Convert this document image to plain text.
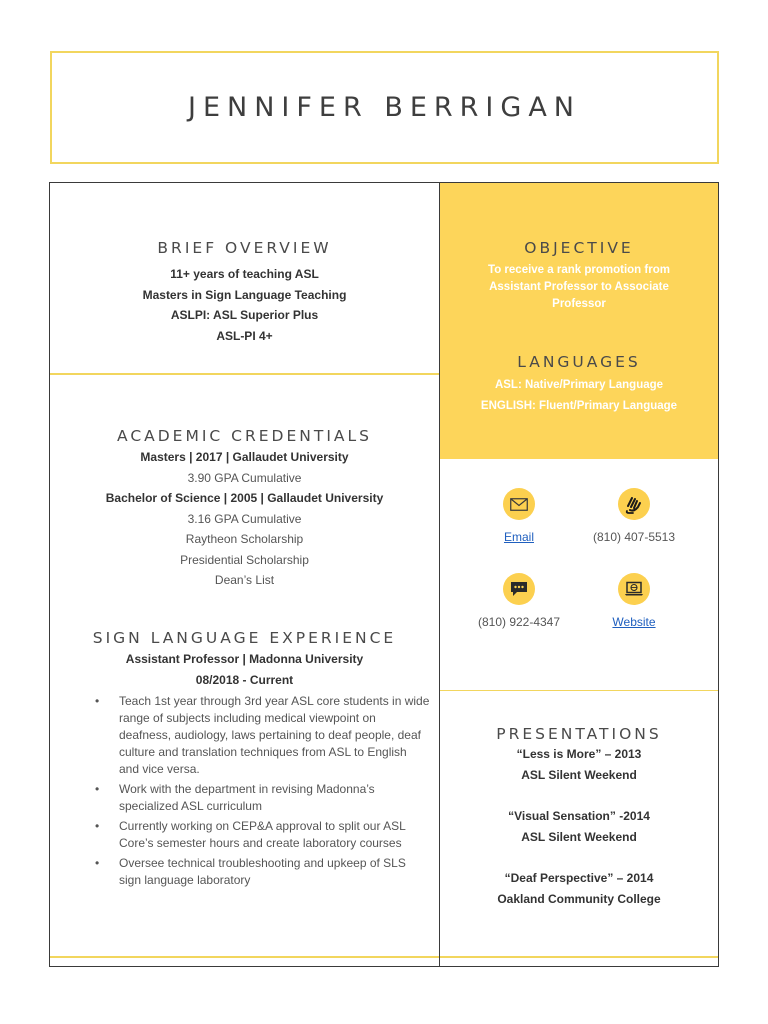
JENNIFER BERRIGAN
BRIEF OVERVIEW
11+ years of teaching ASL
Masters in Sign Language Teaching
ASLPI: ASL Superior Plus
ASL-PI 4+
ACADEMIC CREDENTIALS
Masters | 2017 | Gallaudet University
3.90 GPA Cumulative
Bachelor of Science | 2005 | Gallaudet University
3.16 GPA Cumulative
Raytheon Scholarship
Presidential Scholarship
Dean’s List
SIGN LANGUAGE EXPERIENCE
Assistant Professor | Madonna University
08/2018 - Current
• Teach 1st year through 3rd year ASL core students in wide range of subjects including medical viewpoint on deafness, audiology, laws pertaining to deaf people, deaf culture and translation techniques from ASL to English and vice versa.
• Work with the department in revising Madonna’s specialized ASL curriculum
• Currently working on CEP&A approval to split our ASL Core’s semester hours and create laboratory courses
• Oversee technical troubleshooting and upkeep of SLS sign language laboratory
OBJECTIVE
To receive a rank promotion from Assistant Professor to Associate Professor
LANGUAGES
ASL: Native/Primary Language
ENGLISH: Fluent/Primary Language
Email	(810) 407-5513
(810) 922-4347	Website
PRESENTATIONS
“Less is More” – 2013
ASL Silent Weekend
“Visual Sensation” -2014
ASL Silent Weekend
“Deaf Perspective” – 2014
Oakland Community College
